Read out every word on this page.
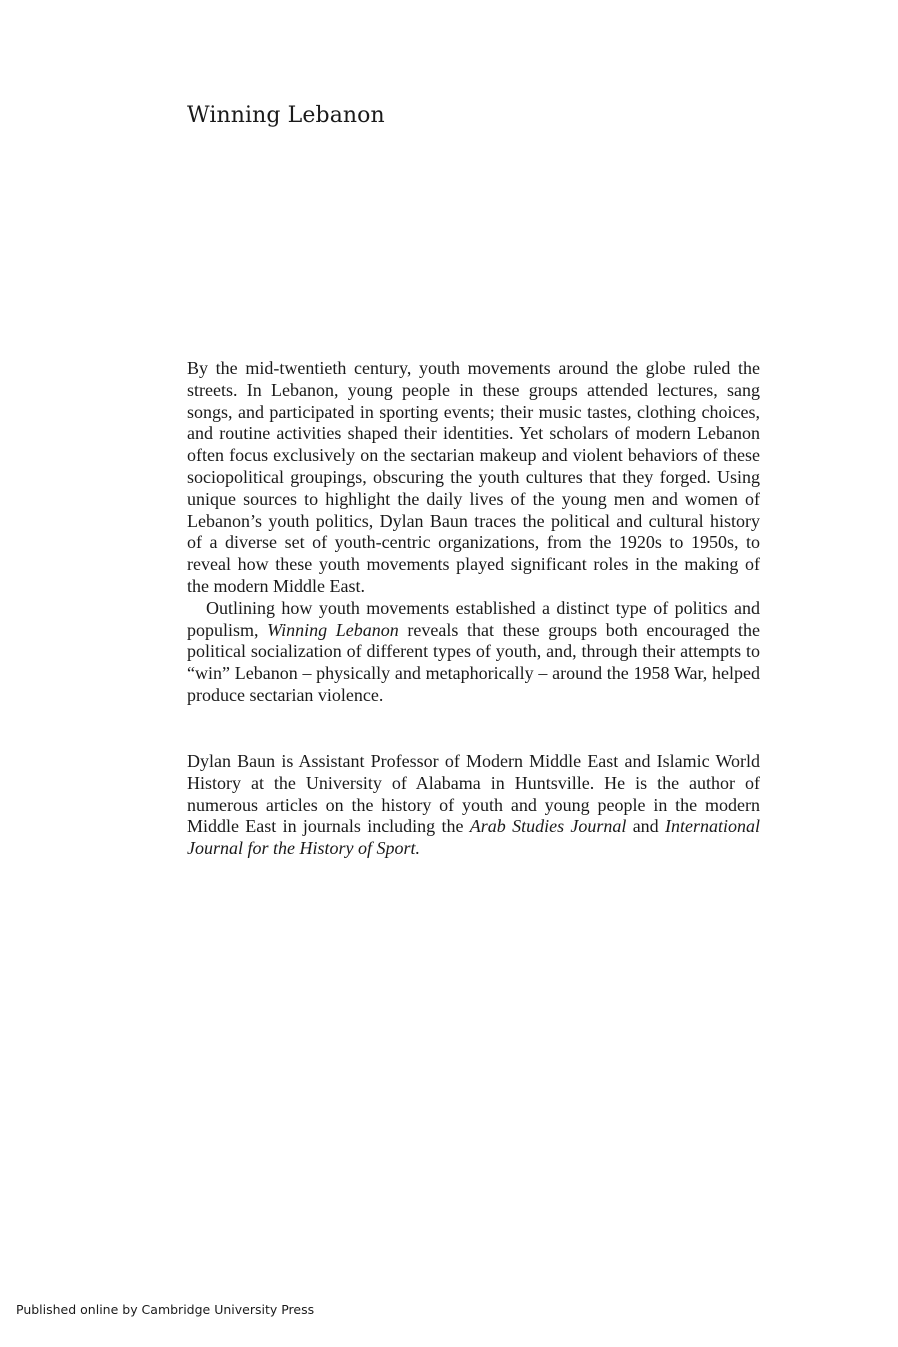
Winning Lebanon

By the mid-twentieth century, youth movements around the globe ruled the streets. In Lebanon, young people in these groups attended lectures, sang songs, and participated in sporting events; their music tastes, clothing choices, and routine activities shaped their identities. Yet scholars of modern Lebanon often focus exclusively on the sectarian makeup and violent behaviors of these sociopolitical groupings, obscuring the youth cultures that they forged. Using unique sources to highlight the daily lives of the young men and women of Lebanon’s youth politics, Dylan Baun traces the political and cultural history of a diverse set of youth-centric organizations, from the 1920s to 1950s, to reveal how these youth movements played significant roles in the making of the modern Middle East.

Outlining how youth movements established a distinct type of politics and populism, Winning Lebanon reveals that these groups both encouraged the political socialization of different types of youth, and, through their attempts to “win” Lebanon – physically and metaphorically – around the 1958 War, helped produce sectarian violence.

Dylan Baun is Assistant Professor of Modern Middle East and Islamic World History at the University of Alabama in Huntsville. He is the author of numerous articles on the history of youth and young people in the modern Middle East in journals including the Arab Studies Journal and International Journal for the History of Sport.

Published online by Cambridge University Press
